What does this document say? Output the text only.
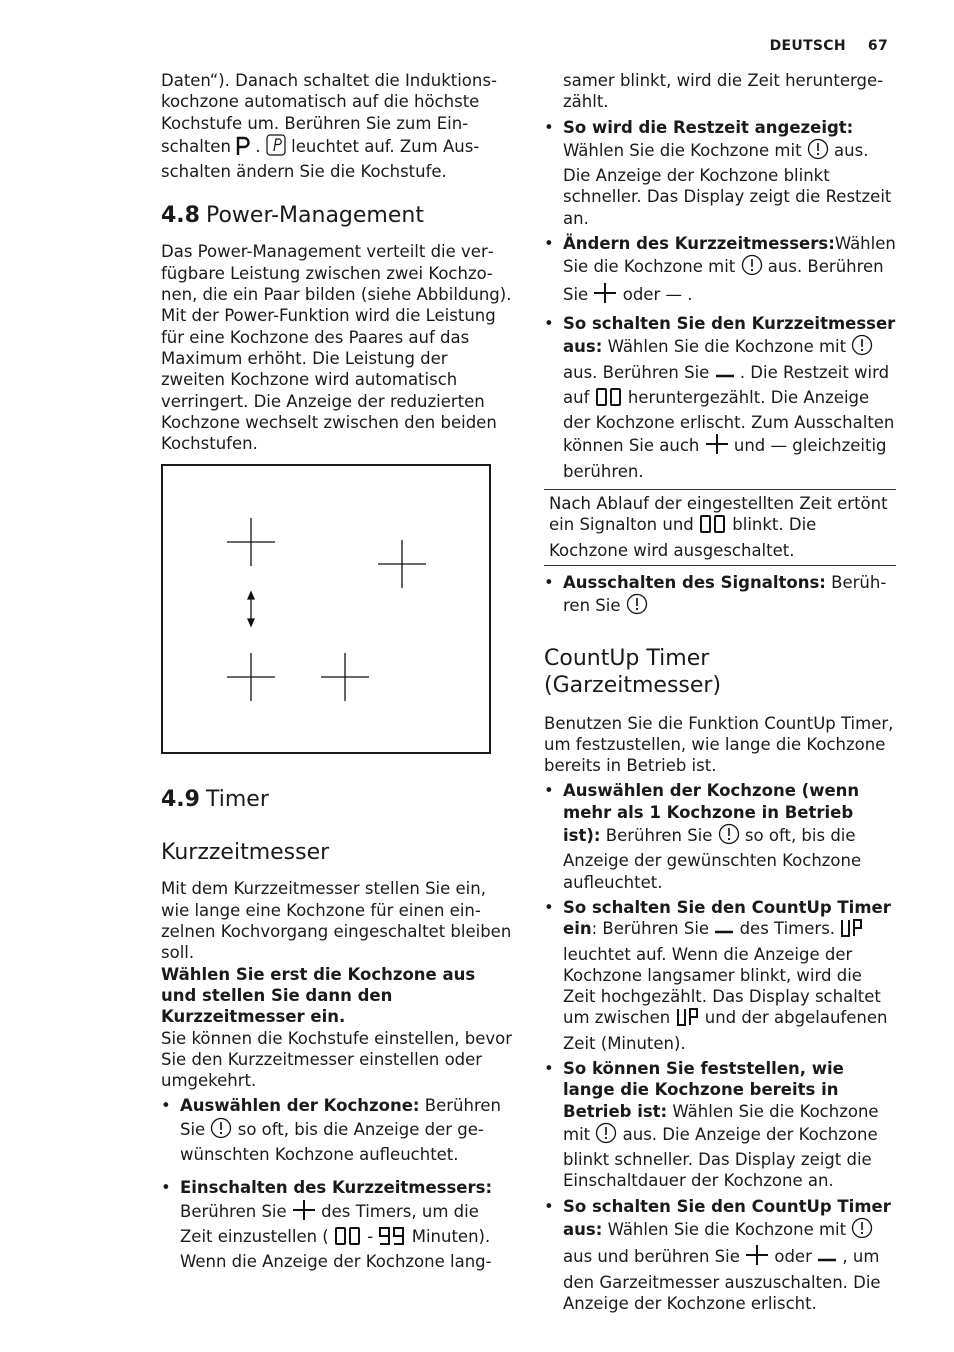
DEUTSCH 67

Daten“). Danach schaltet die Induktionskochzone automatisch auf die höchste Kochstufe um. Berühren Sie zum Einschalten . leuchtet auf. Zum Ausschalten ändern Sie die Kochstufe.

4.8 Power-Management

Das Power-Management verteilt die verfügbare Leistung zwischen zwei Kochzonen, die ein Paar bilden (siehe Abbildung). Mit der Power-Funktion wird die Leistung für eine Kochzone des Paares auf das Maximum erhöht. Die Leistung der zweiten Kochzone wird automatisch verringert. Die Anzeige der reduzierten Kochzone wechselt zwischen den beiden Kochstufen.

4.9 Timer
Kurzzeitmesser

Mit dem Kurzzeitmesser stellen Sie ein, wie lange eine Kochzone für einen einzelnen Kochvorgang eingeschaltet bleiben soll.

Wählen Sie erst die Kochzone aus und stellen Sie dann den Kurzzeitmesser ein.

Sie können die Kochstufe einstellen, bevor Sie den Kurzzeitmesser einstellen oder umgekehrt.

• Auswählen der Kochzone: Berühren Sie so oft, bis die Anzeige der gewünschten Kochzone aufleuchtet.
• Einschalten des Kurzzeitmessers: Berühren Sie des Timers, um die Zeit einzustellen ( - Minuten). Wenn die Anzeige der Kochzone lang-

samer blinkt, wird die Zeit heruntergezählt.

• So wird die Restzeit angezeigt:
Wählen Sie die Kochzone mit aus. Die Anzeige der Kochzone blinkt schneller. Das Display zeigt die Restzeit an.
• Ändern des Kurzzeitmessers:Wählen Sie die Kochzone mit aus. Berühren Sie oder — .
• So schalten Sie den Kurzzeitmesser aus: Wählen Sie die Kochzone mit  aus. Berühren Sie . Die Restzeit wird auf heruntergezählt. Die Anzeige der Kochzone erlischt. Zum Ausschalten können Sie auch und — gleichzeitig berühren.
Nach Ablauf der eingestellten Zeit ertönt ein Signalton und blinkt. Die Kochzone wird ausgeschaltet.
• Ausschalten des Signaltons: Berühren Sie
CountUp Timer (Garzeitmesser)

Benutzen Sie die Funktion CountUp Timer, um festzustellen, wie lange die Kochzone bereits in Betrieb ist.

• Auswählen der Kochzone (wenn mehr als 1 Kochzone in Betrieb ist): Berühren Sie so oft, bis die Anzeige der gewünschten Kochzone aufleuchtet.
• So schalten Sie den CountUp Timer ein: Berühren Sie des Timers.  leuchtet auf. Wenn die Anzeige der Kochzone langsamer blinkt, wird die Zeit hochgezählt. Das Display schaltet um zwischen und der abgelaufenen Zeit (Minuten).
• So können Sie feststellen, wie lange die Kochzone bereits in Betrieb ist: Wählen Sie die Kochzone mit aus. Die Anzeige der Kochzone blinkt schneller. Das Display zeigt die Einschaltdauer der Kochzone an.
• So schalten Sie den CountUp Timer aus: Wählen Sie die Kochzone mit  aus und berühren Sie oder , um den Garzeitmesser auszuschalten. Die Anzeige der Kochzone erlischt.
